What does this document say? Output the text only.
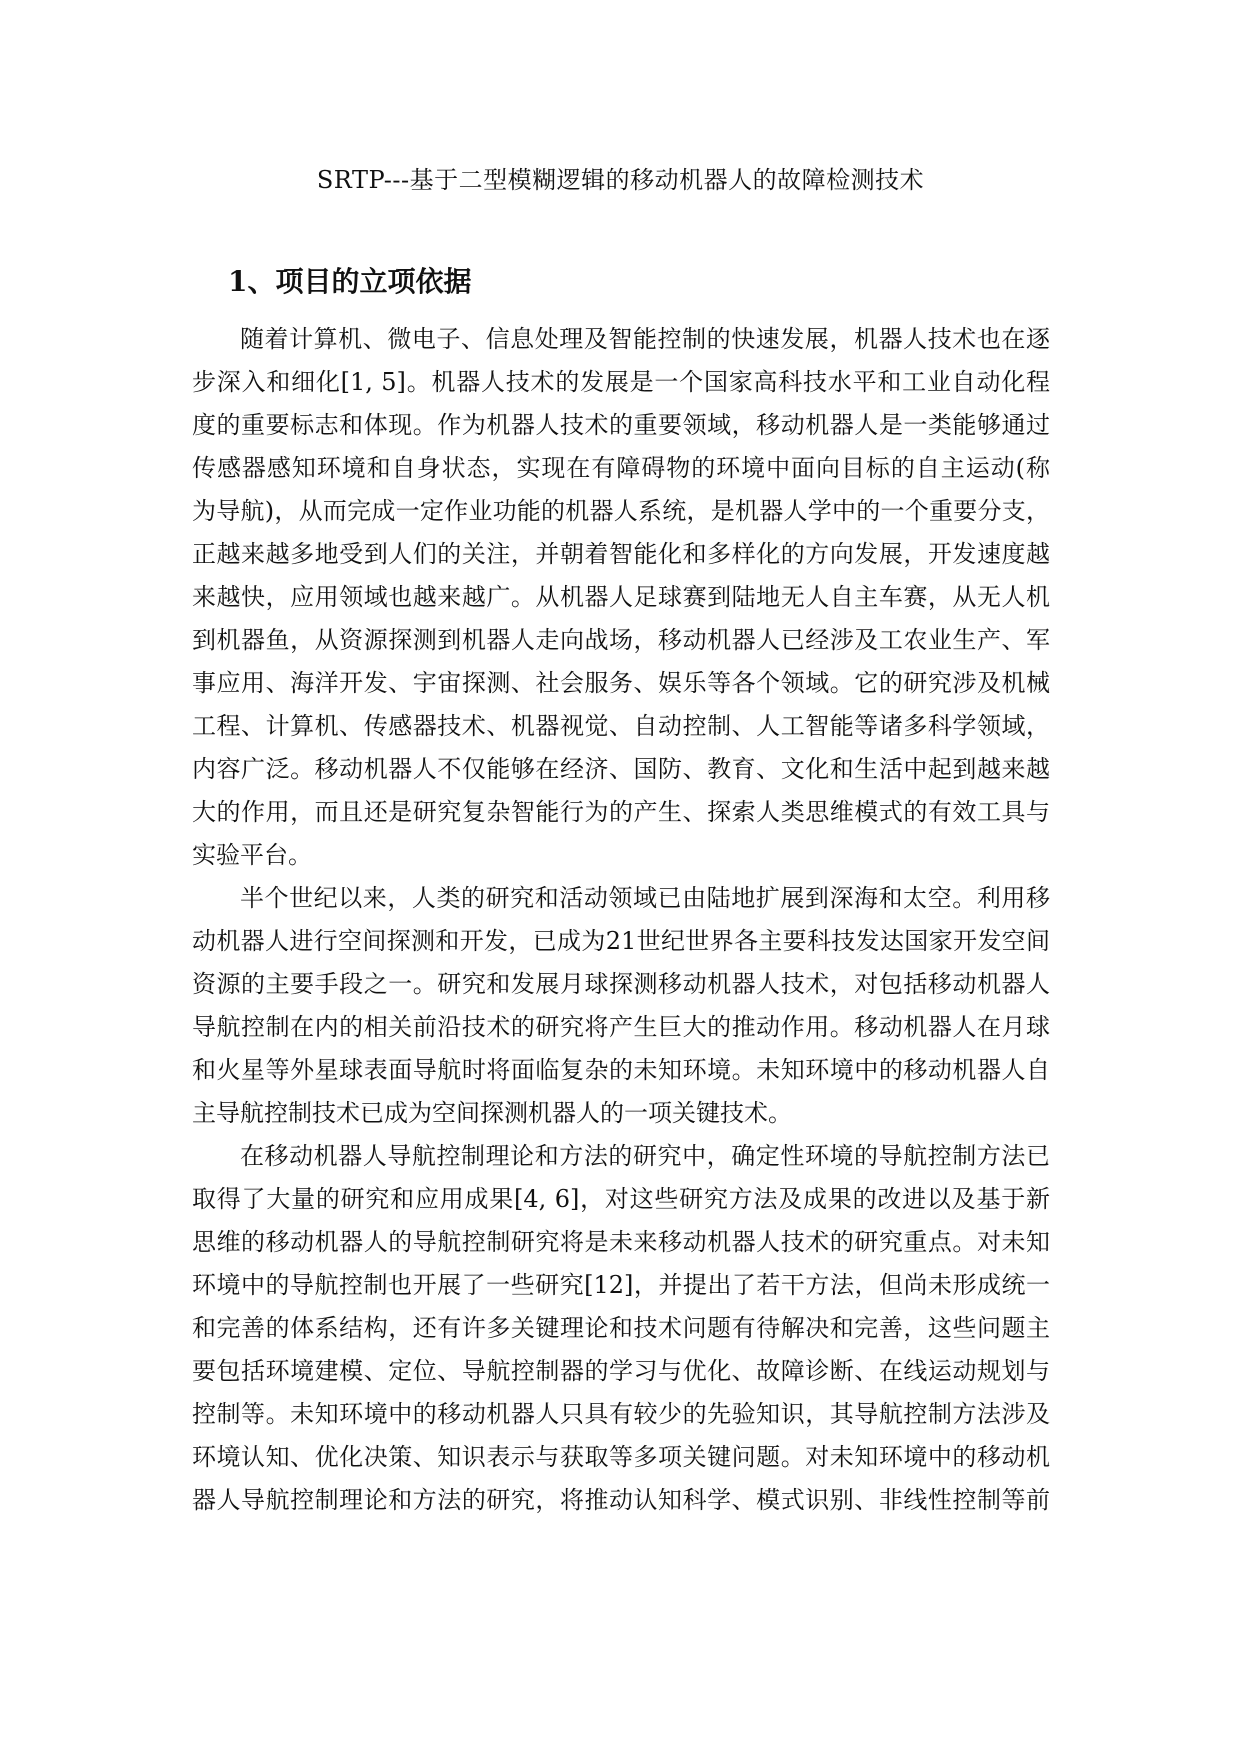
SRTP---基于二型模糊逻辑的移动机器人的故障检测技术
1、项目的立项依据
随着计算机、微电子、信息处理及智能控制的快速发展，机器人技术也在逐
步深入和细化[1, 5]。机器人技术的发展是一个国家高科技水平和工业自动化程
度的重要标志和体现。作为机器人技术的重要领域，移动机器人是一类能够通过
传感器感知环境和自身状态，实现在有障碍物的环境中面向目标的自主运动(称
为导航)，从而完成一定作业功能的机器人系统，是机器人学中的一个重要分支，
正越来越多地受到人们的关注，并朝着智能化和多样化的方向发展，开发速度越
来越快，应用领域也越来越广。从机器人足球赛到陆地无人自主车赛，从无人机
到机器鱼，从资源探测到机器人走向战场，移动机器人已经涉及工农业生产、军
事应用、海洋开发、宇宙探测、社会服务、娱乐等各个领域。它的研究涉及机械
工程、计算机、传感器技术、机器视觉、自动控制、人工智能等诸多科学领域，
内容广泛。移动机器人不仅能够在经济、国防、教育、文化和生活中起到越来越
大的作用，而且还是研究复杂智能行为的产生、探索人类思维模式的有效工具与
实验平台。
半个世纪以来，人类的研究和活动领域已由陆地扩展到深海和太空。利用移
动机器人进行空间探测和开发，已成为21世纪世界各主要科技发达国家开发空间
资源的主要手段之一。研究和发展月球探测移动机器人技术，对包括移动机器人
导航控制在内的相关前沿技术的研究将产生巨大的推动作用。移动机器人在月球
和火星等外星球表面导航时将面临复杂的未知环境。未知环境中的移动机器人自
主导航控制技术已成为空间探测机器人的一项关键技术。
在移动机器人导航控制理论和方法的研究中，确定性环境的导航控制方法已
取得了大量的研究和应用成果[4, 6]，对这些研究方法及成果的改进以及基于新
思维的移动机器人的导航控制研究将是未来移动机器人技术的研究重点。对未知
环境中的导航控制也开展了一些研究[12]，并提出了若干方法，但尚未形成统一
和完善的体系结构，还有许多关键理论和技术问题有待解决和完善，这些问题主
要包括环境建模、定位、导航控制器的学习与优化、故障诊断、在线运动规划与
控制等。未知环境中的移动机器人只具有较少的先验知识，其导航控制方法涉及
环境认知、优化决策、知识表示与获取等多项关键问题。对未知环境中的移动机
器人导航控制理论和方法的研究，将推动认知科学、模式识别、非线性控制等前
